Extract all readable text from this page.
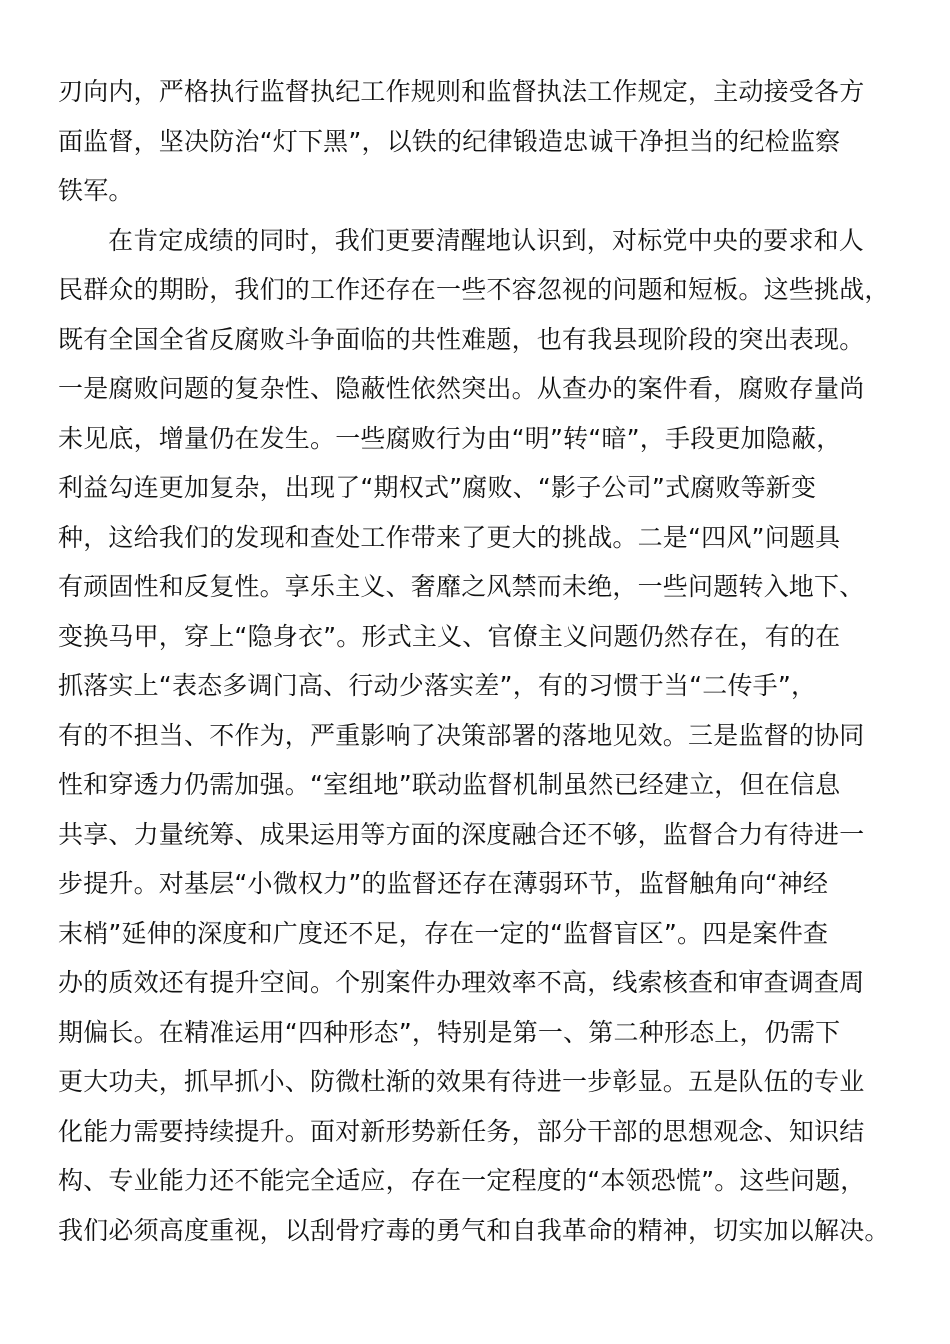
刃向内，严格执行监督执纪工作规则和监督执法工作规定，主动接受各方
面监督，坚决防治“灯下黑”，以铁的纪律锻造忠诚干净担当的纪检监察
铁军。
在肯定成绩的同时，我们更要清醒地认识到，对标党中央的要求和人
民群众的期盼，我们的工作还存在一些不容忽视的问题和短板。这些挑战，
既有全国全省反腐败斗争面临的共性难题，也有我县现阶段的突出表现。
一是腐败问题的复杂性、隐蔽性依然突出。从查办的案件看，腐败存量尚
未见底，增量仍在发生。一些腐败行为由“明”转“暗”，手段更加隐蔽，
利益勾连更加复杂，出现了“期权式”腐败、“影子公司”式腐败等新变
种，这给我们的发现和查处工作带来了更大的挑战。二是“四风”问题具
有顽固性和反复性。享乐主义、奢靡之风禁而未绝，一些问题转入地下、
变换马甲，穿上“隐身衣”。形式主义、官僚主义问题仍然存在，有的在
抓落实上“表态多调门高、行动少落实差”，有的习惯于当“二传手”，
有的不担当、不作为，严重影响了决策部署的落地见效。三是监督的协同
性和穿透力仍需加强。“室组地”联动监督机制虽然已经建立，但在信息
共享、力量统筹、成果运用等方面的深度融合还不够，监督合力有待进一
步提升。对基层“小微权力”的监督还存在薄弱环节，监督触角向“神经
末梢”延伸的深度和广度还不足，存在一定的“监督盲区”。四是案件查
办的质效还有提升空间。个别案件办理效率不高，线索核查和审查调查周
期偏长。在精准运用“四种形态”，特别是第一、第二种形态上，仍需下
更大功夫，抓早抓小、防微杜渐的效果有待进一步彰显。五是队伍的专业
化能力需要持续提升。面对新形势新任务，部分干部的思想观念、知识结
构、专业能力还不能完全适应，存在一定程度的“本领恐慌”。这些问题，
我们必须高度重视，以刮骨疗毒的勇气和自我革命的精神，切实加以解决。
